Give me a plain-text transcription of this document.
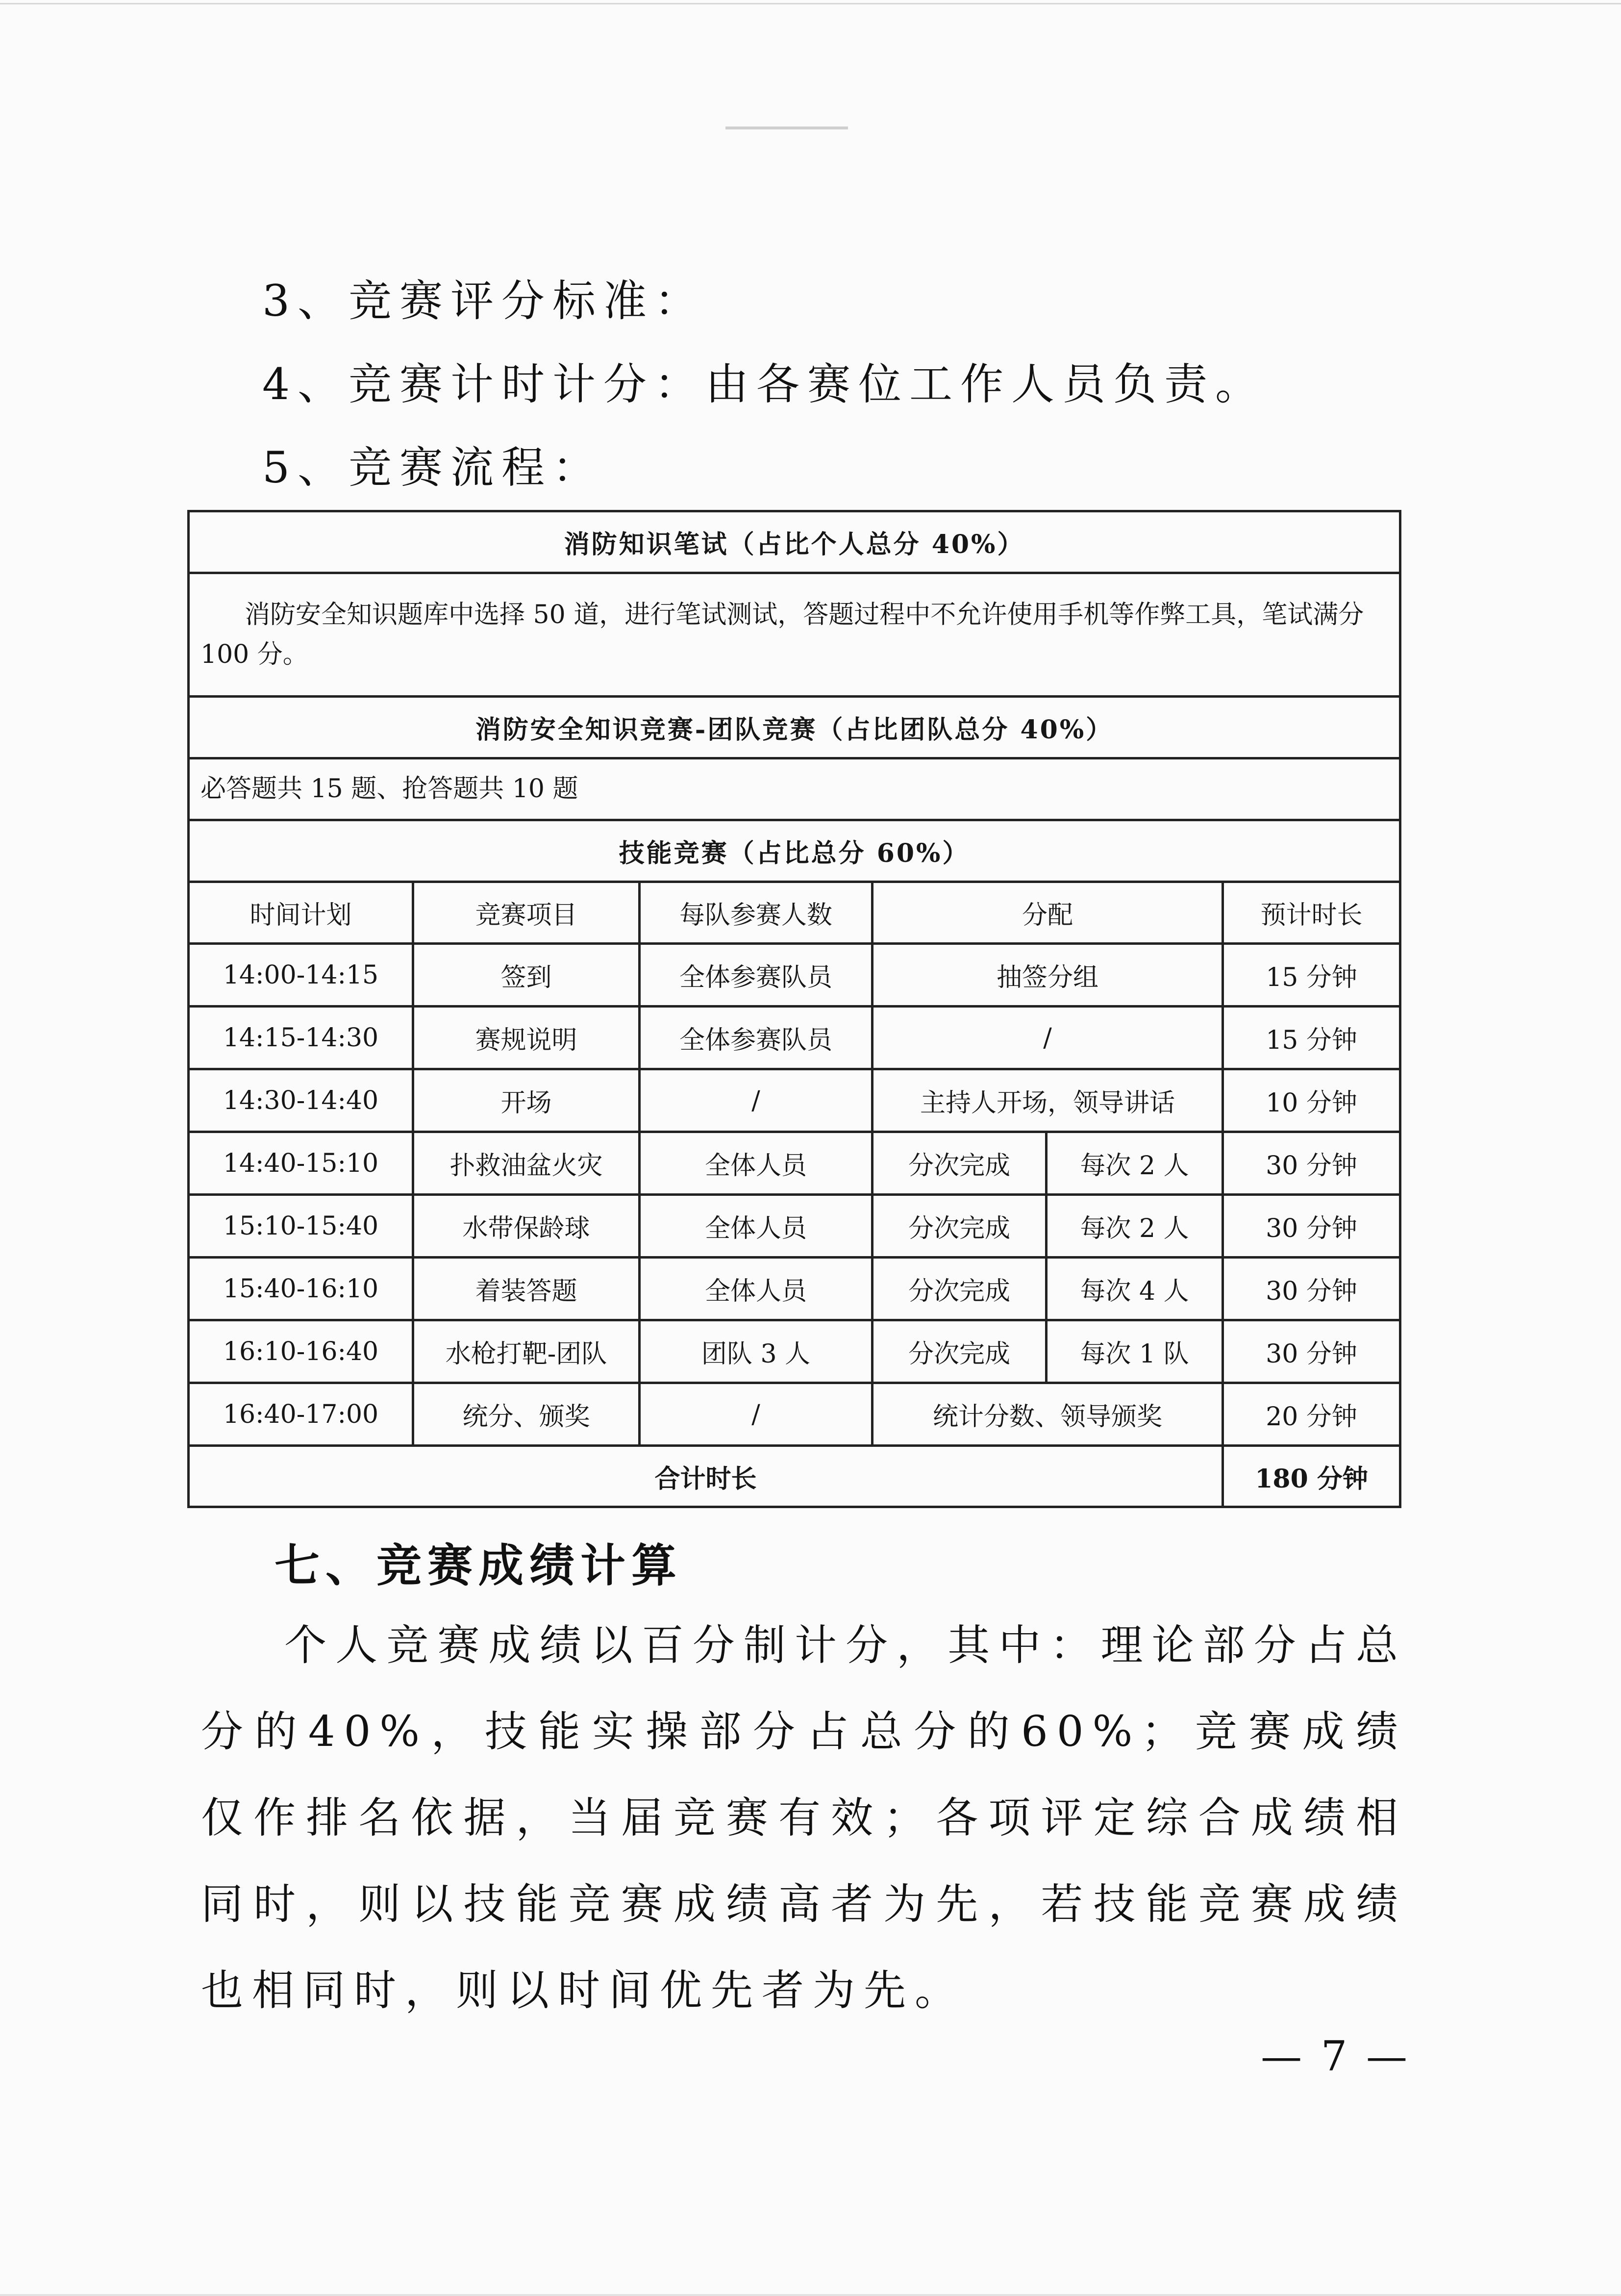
3、竞赛评分标准：
4、竞赛计时计分：由各赛位工作人员负责。
5、竞赛流程：
消防知识笔试（占比个人总分 40%）					
消防安全知识题库中选择 50 道，进行笔试测试，答题过程中不允许使用手机等作弊工具，笔试满分 100 分。					
消防安全知识竞赛-团队竞赛（占比团队总分 40%）					
必答题共 15 题、抢答题共 10 题					
技能竞赛（占比总分 60%）					
时间计划	竞赛项目	每队参赛人数	分配		预计时长
14:00-14:15	签到	全体参赛队员	抽签分组		15 分钟
14:15-14:30	赛规说明	全体参赛队员	/		15 分钟
14:30-14:40	开场	/	主持人开场，领导讲话		10 分钟
14:40-15:10	扑救油盆火灾	全体人员	分次完成	每次 2 人	30 分钟
15:10-15:40	水带保龄球	全体人员	分次完成	每次 2 人	30 分钟
15:40-16:10	着装答题	全体人员	分次完成	每次 4 人	30 分钟
16:10-16:40	水枪打靶-团队	团队 3 人	分次完成	每次 1 队	30 分钟
16:40-17:00	统分、颁奖	/	统计分数、领导颁奖		20 分钟
合计时长					180 分钟
七、竞赛成绩计算
个人竞赛成绩以百分制计分，其中：理论部分占总分的40%，技能实操部分占总分的60%；竞赛成绩仅作排名依据，当届竞赛有效；各项评定综合成绩相同时，则以技能竞赛成绩高者为先，若技能竞赛成绩也相同时，则以时间优先者为先。
— 7 —
